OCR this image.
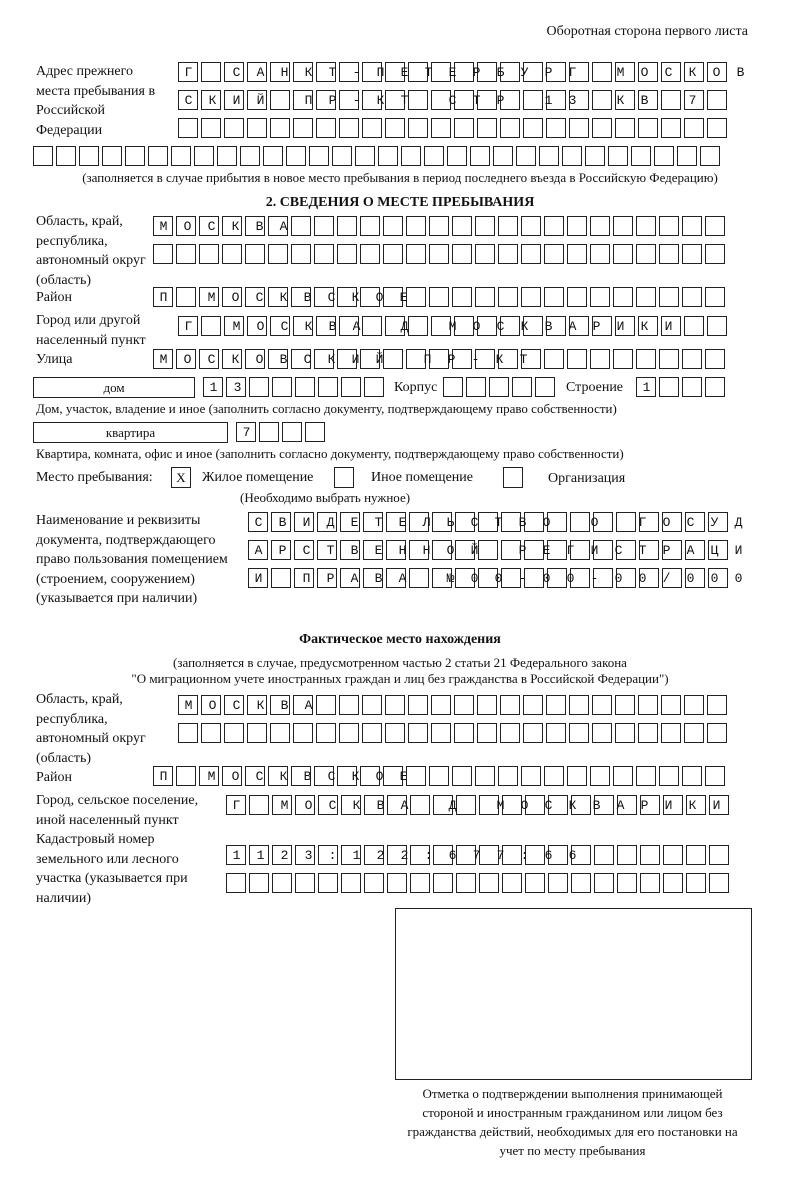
Оборотная сторона первого листа
Адрес прежнего места пребывания в Российской Федерации
Г САНКТ-ПЕТЕРБУРГ МОСКОВ
СКИЙ ПР-КТ СТР 13 КВ 7
(заполняется в случае прибытия в новое место пребывания в период последнего въезда в Российскую Федерацию)
2. СВЕДЕНИЯ О МЕСТЕ ПРЕБЫВАНИЯ
Область, край, республика, автономный округ (область)
МОСКВА
Район	П МОСКВСКОЕ
Город или другой населенный пункт
Г МОСКВА Д МОСКВАРИКИ
Улица	МОСКОВСКИЙ ПР-КТ
дом	13	Корпус	Строение 1
Дом, участок, владение и иное (заполнить согласно документу, подтверждающему право собственности)
квартира	7
Квартира, комната, офис и иное (заполнить согласно документу, подтверждающему право собственности)
Место пребывания:	X	Жилое помещение	Иное помещение	Организация
(Необходимо выбрать нужное)
Наименование и реквизиты документа, подтверждающего право пользования помещением (строением, сооружением) (указывается при наличии)
СВИДЕТЕЛЬСТВО О ГОСУД
АРСТВЕННОЙ РЕГИСТРАЦИ
И ПРАВА №00-00-00/000
Фактическое место нахождения
(заполняется в случае, предусмотренном частью 2 статьи 21 Федерального закона
"О миграционном учете иностранных граждан и лиц без гражданства в Российской Федерации")
Область, край, республика, автономный округ (область)
МОСКВА
Район	П МОСКВСКОЕ
Город, сельское поселение, иной населенный пункт
Г МОСКВА Д МОСКВАРИКИ
Кадастровый номер земельного или лесного участка (указывается при наличии)
1123:122:677:66
Отметка о подтверждении выполнения принимающей стороной и иностранным гражданином или лицом без гражданства действий, необходимых для его постановки на учет по месту пребывания
